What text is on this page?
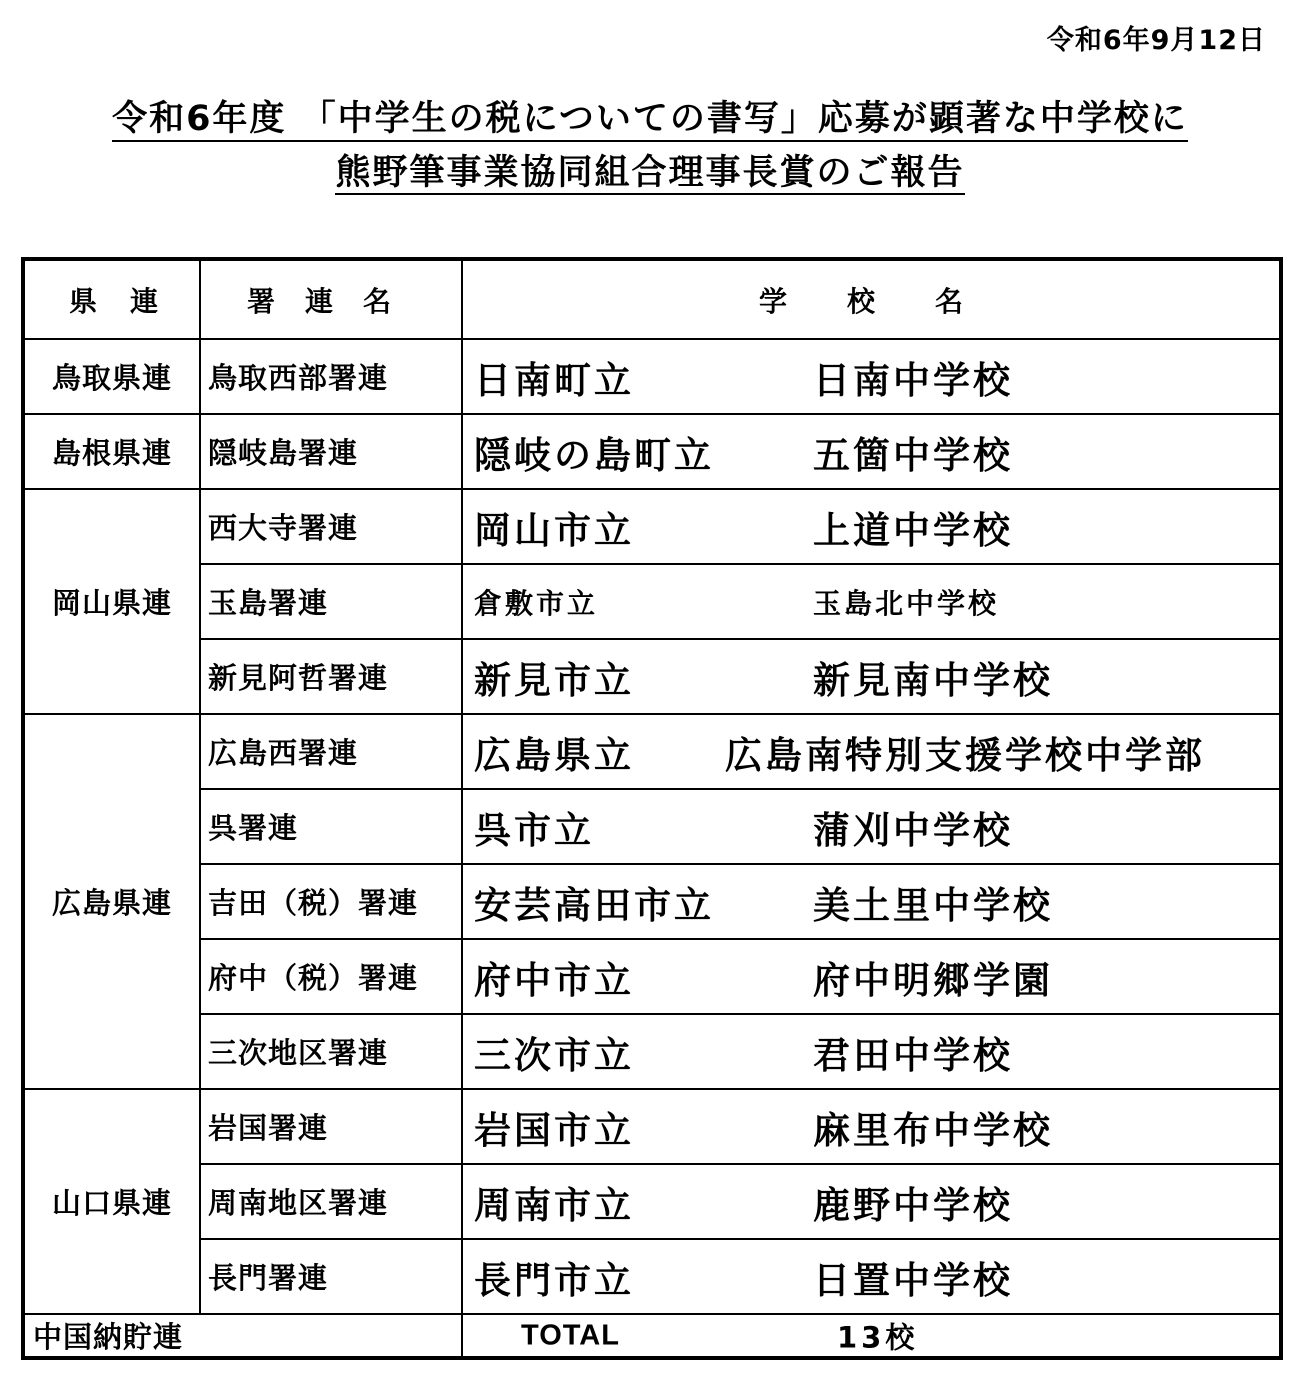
令和6年9月12日
令和6年度 「中学生の税についての書写」応募が顕著な中学校に
熊野筆事業協同組合理事長賞のご報告
県連	署連名	学校名
鳥取県連	鳥取西部署連	日南町立 日南中学校

島根県連	隠岐島署連	隠岐の島町立 五箇中学校

岡山県連	西大寺署連	岡山市立 上道中学校

	玉島署連	倉敷市立 玉島北中学校

	新見阿哲署連	新見市立 新見南中学校

広島県連	広島西署連	広島県立 広島南特別支援学校中学部

	呉署連	呉市立 蒲刈中学校

	吉田（税）署連	安芸高田市立 美土里中学校

	府中（税）署連	府中市立 府中明郷学園

	三次地区署連	三次市立 君田中学校

山口県連	岩国署連	岩国市立 麻里布中学校

	周南地区署連	周南市立 鹿野中学校

	長門署連	長門市立 日置中学校

中国納貯連		TOTAL 13校
